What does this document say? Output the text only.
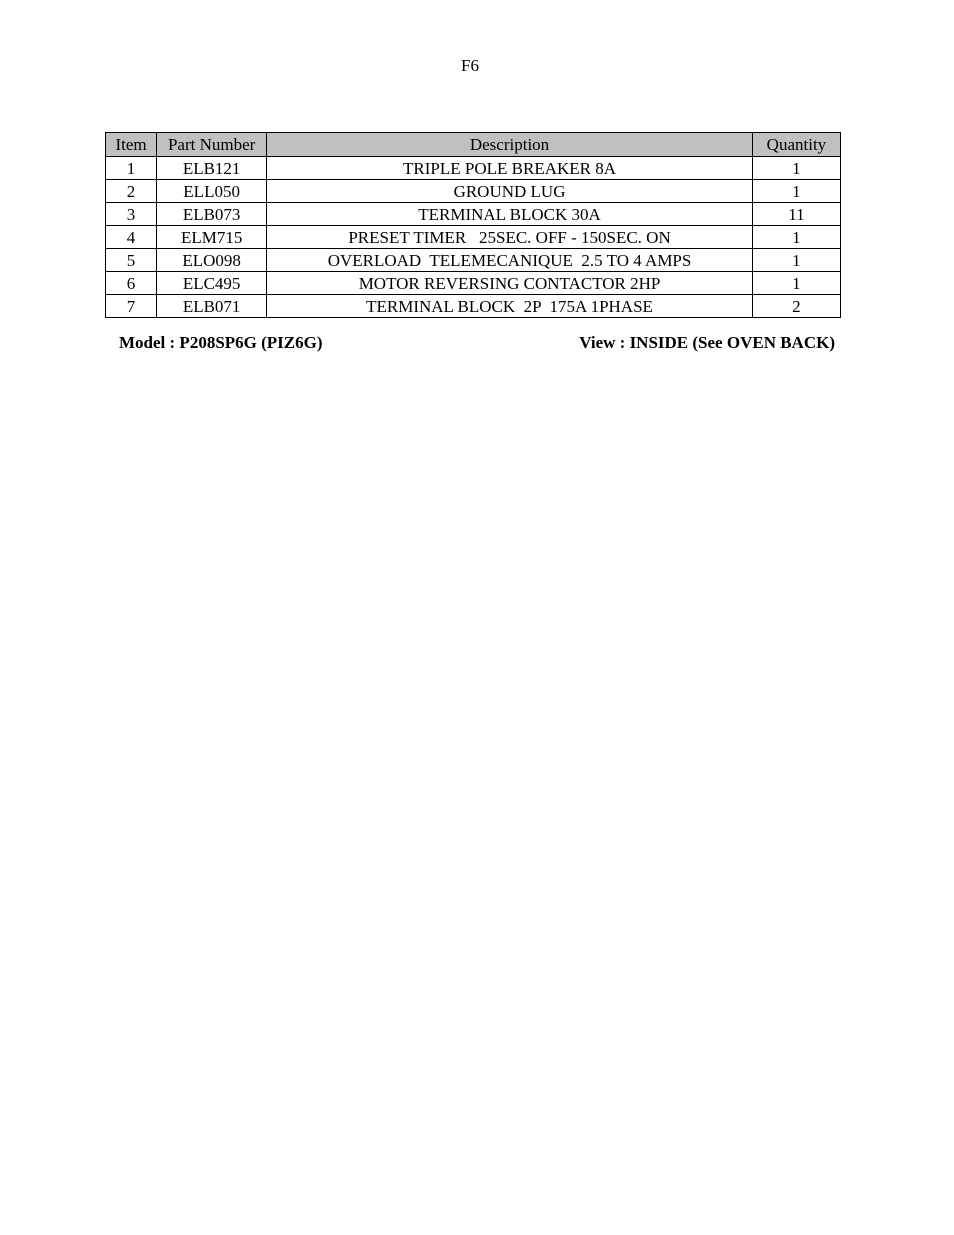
F6
Item	Part Number	Description	Quantity
1	ELB121	TRIPLE POLE BREAKER 8A	1
2	ELL050	GROUND LUG	1
3	ELB073	TERMINAL BLOCK 30A	11
4	ELM715	PRESET TIMER   25SEC. OFF - 150SEC. ON	1
5	ELO098	OVERLOAD  TELEMECANIQUE  2.5 TO 4 AMPS	1
6	ELC495	MOTOR REVERSING CONTACTOR 2HP	1
7	ELB071	TERMINAL BLOCK  2P  175A 1PHASE	2
Model : P208SP6G (PIZ6G)	View : INSIDE (See OVEN BACK)
